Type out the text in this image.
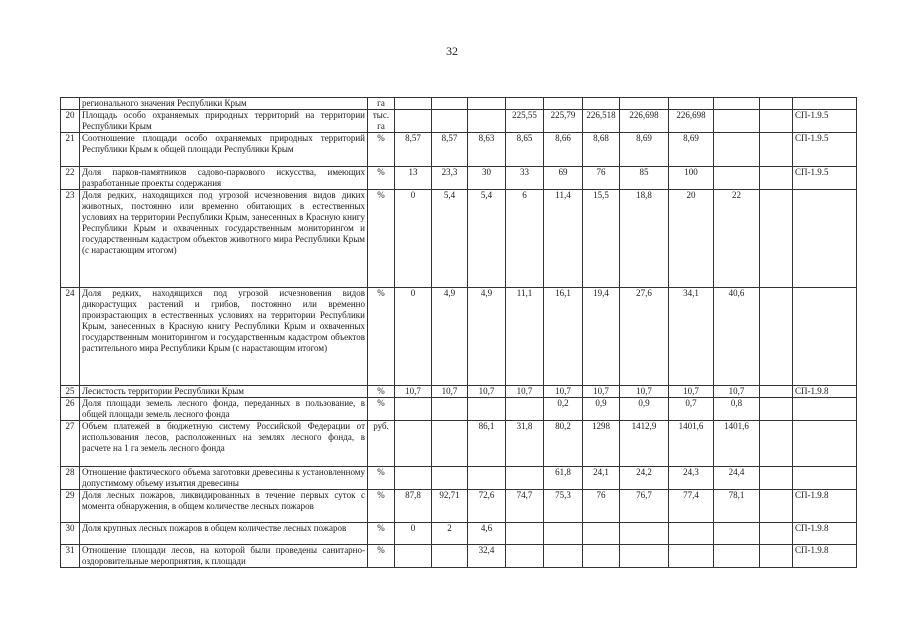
32
	регионального значения Республики Крым	га											
20	Площадь особо охраняемых природных территорий на территории Республики Крым	тыс. га				225,55	225,79	226,518	226,698	226,698			СП-1.9.5
21	Соотношение площади особо охраняемых природных территорий Республики Крым к общей площади Республики Крым	%	8,57	8,57	8,63	8,65	8,66	8,68	8,69	8,69			СП-1.9.5
22	Доля парков-памятников садово-паркового искусства, имеющих разработанные проекты содержания	%	13	23,3	30	33	69	76	85	100			СП-1.9.5
23	Доля редких, находящихся под угрозой исчезновения видов диких животных, постоянно или временно обитающих в естественных условиях на территории Республики Крым, занесенных в Красную книгу Республики Крым и охваченных государственным мониторингом и государственным кадастром объектов животного мира Республики Крым (с нарастающим итогом)	%	0	5,4	5,4	6	11,4	15,5	18,8	20	22		
24	Доля редких, находящихся под угрозой исчезновения видов дикорастущих растений и грибов, постоянно или временно произрастающих в естественных условиях на территории Республики Крым, занесенных в Красную книгу Республики Крым и охваченных государственным мониторингом и государственным кадастром объектов растительного мира Республики Крым (с нарастающим итогом)	%	0	4,9	4,9	11,1	16,1	19,4	27,6	34,1	40,6		
25	Лесистость территории Республики Крым	%	10,7	10,7	10,7	10,7	10,7	10,7	10,7	10,7	10,7		СП-1.9.8
26	Доля площади земель лесного фонда, переданных в пользование, в общей площади земель лесного фонда	%					0,2	0,9	0,9	0,7	0,8		
27	Объем платежей в бюджетную систему Российской Федерации от использования лесов, расположенных на землях лесного фонда, в расчете на 1 га земель лесного фонда	руб.			86,1	31,8	80,2	1298	1412,9	1401,6	1401,6		
28	Отношение фактического объема заготовки древесины к установленному допустимому объему изъятия древесины	%					61,8	24,1	24,2	24,3	24,4		
29	Доля лесных пожаров, ликвидированных в течение первых суток с момента обнаружения, в общем количестве лесных пожаров	%	87,8	92,71	72,6	74,7	75,3	76	76,7	77,4	78,1		СП-1.9.8
30	Доля крупных лесных пожаров в общем количестве лесных пожаров	%	0	2	4,6								СП-1.9.8
31	Отношение площади лесов, на которой были проведены санитарно-оздоровительные мероприятия, к площади	%			32,4								СП-1.9.8
